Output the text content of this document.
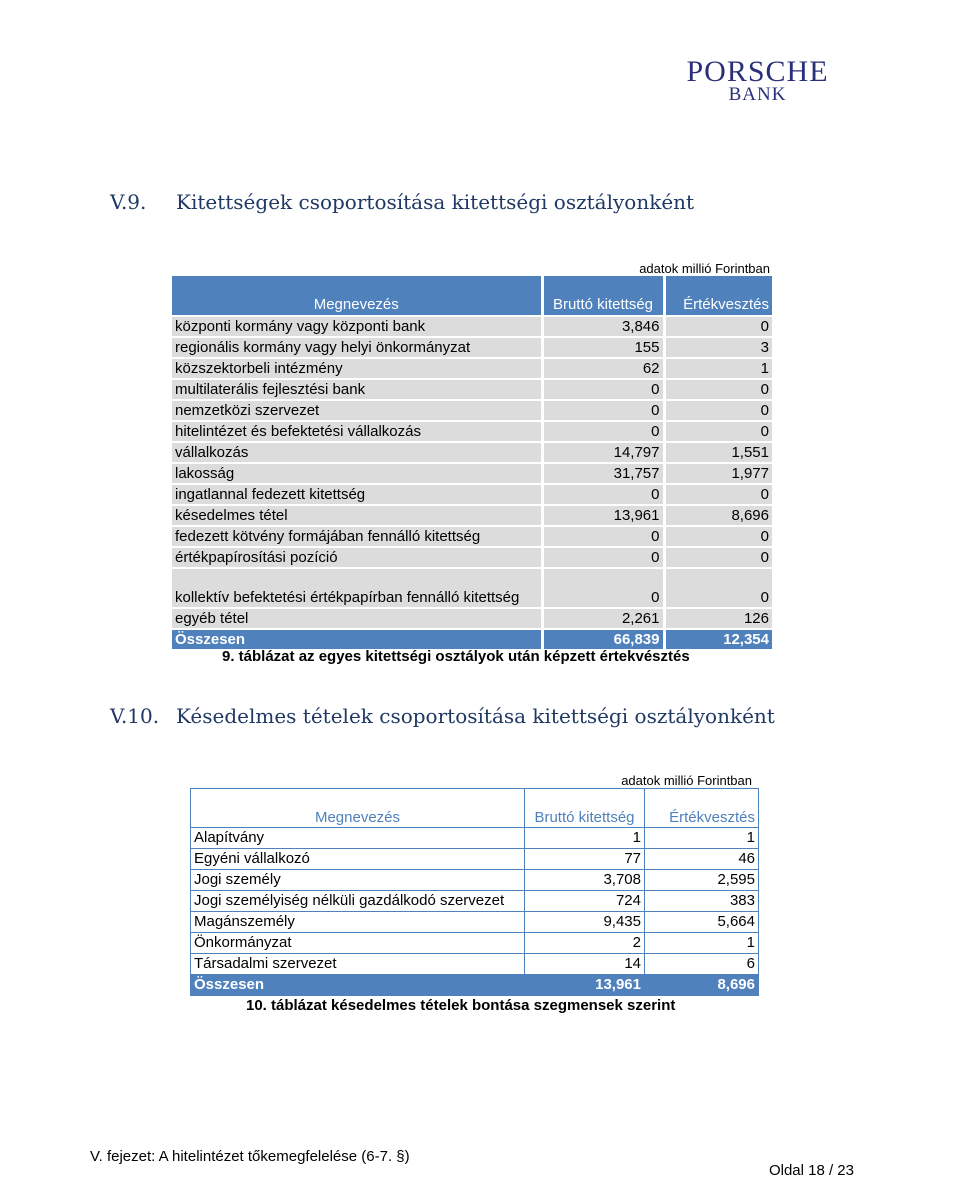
PORSCHE
BANK
V.9. Kitettségek csoportosítása kitettségi osztályonként
adatok millió Forintban
Megnevezés	Bruttó kitettség	Értékvesztés
központi kormány vagy központi bank	3,846	0
regionális kormány vagy helyi önkormányzat	155	3
közszektorbeli intézmény	62	1
multilaterális fejlesztési bank	0	0
nemzetközi szervezet	0	0
hitelintézet és befektetési vállalkozás	0	0
vállalkozás	14,797	1,551
lakosság	31,757	1,977
ingatlannal fedezett kitettség	0	0
késedelmes tétel	13,961	8,696
fedezett kötvény formájában fennálló kitettség	0	0
értékpapírosítási pozíció	0	0
kollektív befektetési értékpapírban fennálló kitettség	0	0
egyéb tétel	2,261	126
Összesen	66,839	12,354
9. táblázat az egyes kitettségi osztályok után képzett értekvésztés
V.10. Késedelmes tételek csoportosítása kitettségi osztályonként
adatok millió Forintban
Megnevezés	Bruttó kitettség	Értékvesztés
Alapítvány	1	1
Egyéni vállalkozó	77	46
Jogi személy	3,708	2,595
Jogi személyiség nélküli gazdálkodó szervezet	724	383
Magánszemély	9,435	5,664
Önkormányzat	2	1
Társadalmi szervezet	14	6
Összesen	13,961	8,696
10. táblázat késedelmes tételek bontása szegmensek szerint
V. fejezet: A hitelintézet tőkemegfelelése (6-7. §)
Oldal 18 / 23
